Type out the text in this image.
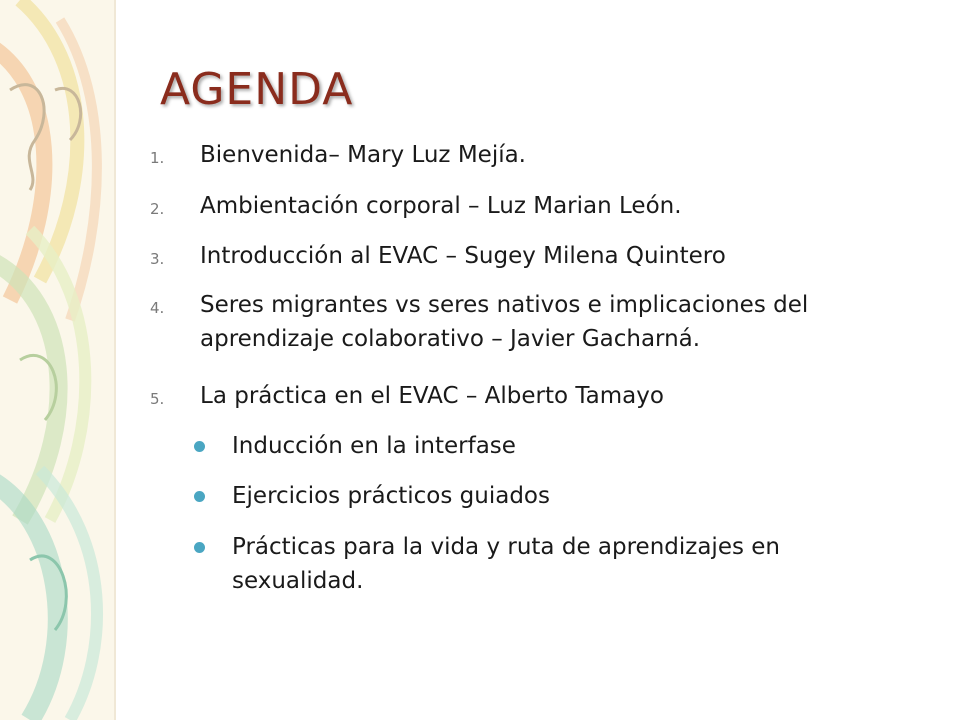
AGENDA
1.	Bienvenida– Mary Luz Mejía.
2.	Ambientación corporal – Luz Marian León.
3.	Introducción al EVAC – Sugey Milena Quintero
4.	Seres migrantes vs seres nativos e implicaciones del
aprendizaje colaborativo – Javier Gacharná.
5.	La práctica en el EVAC – Alberto Tamayo
Inducción en la interfase
Ejercicios prácticos guiados
Prácticas para la vida y ruta de aprendizajes en
sexualidad.
